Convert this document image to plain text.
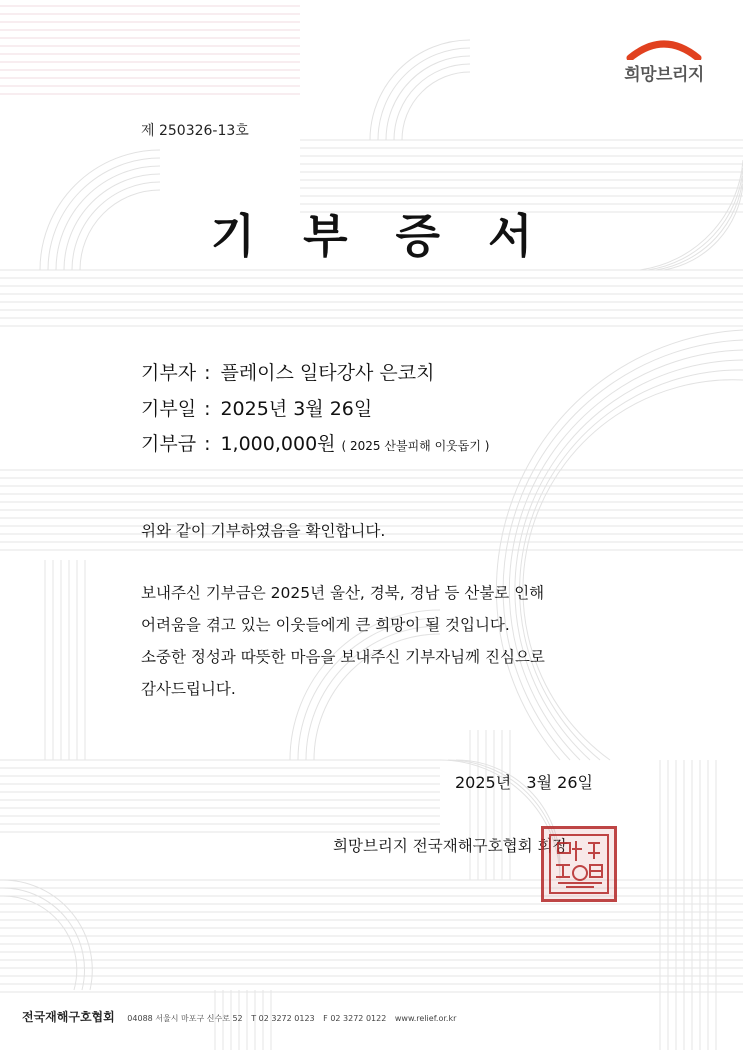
희망브리지
제 250326-13호
기 부 증 서
기부자 : 플레이스 일타강사 은코치
기부일 : 2025년 3월 26일
기부금 : 1,000,000원 ( 2025 산불피해 이웃돕기 )
위와 같이 기부하였음을 확인합니다.
보내주신 기부금은 2025년 울산, 경북, 경남 등 산불로 인해
어려움을 겪고 있는 이웃들에게 큰 희망이 될 것입니다.
소중한 정성과 따뜻한 마음을 보내주신 기부자님께 진심으로
감사드립니다.
2025년   3월 26일
희망브리지 전국재해구호협회 회장
전국재해구호협회 04088 서울시 마포구 신수로 52 T 02 3272 0123 F 02 3272 0122 www.relief.or.kr
